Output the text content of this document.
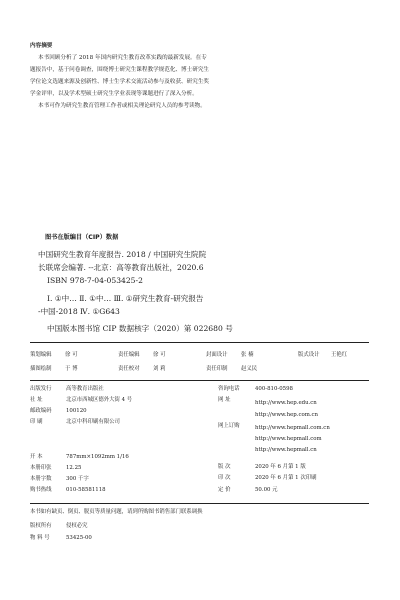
内容摘要
本书回顾分析了 2018 年国内研究生教育改革实践的最新发展。在专
题报告中，基于问卷调查，围绕博士研究生课程教学规范化、博士研究生
学位论文选题来源及创新性、博士生学术交流活动参与及收获、研究生奖
学金评审，以及学术型硕士研究生学业表现等课题进行了深入分析。
本书可作为研究生教育管理工作者或相关理论研究人员的参考读物。
图书在版编目（CIP）数据
中国研究生教育年度报告. 2018 / 中国研究生院院
长联席会编著. --北京：高等教育出版社，2020.6
ISBN 978-7-04-053425-2
Ⅰ. ①中… Ⅱ. ①中… Ⅲ. ①研究生教育-研究报告
-中国-2018 Ⅳ. ①G643
中国版本图书馆 CIP 数据核字（2020）第 022680 号
策划编辑 徐 可	责任编辑 徐 可	封面设计 张 楠	版式设计 王艳红
插图绘制 于 博	责任校对 刘 莉	责任印制 赵义民
出版发行	高等教育出版社
社 址	北京市西城区德外大街 4 号
邮政编码	100120
印 刷	北京中科印刷有限公司
开 本	787mm×1092mm 1/16
本册印张	12.25
本册字数	300 千字
购书热线	010-58581118
咨询电话	400-810-0598
网 址	http://www.hep.edu.cn
http://www.hep.com.cn
网上订购	http://www.hepmall.com.cn
http://www.hepmall.com
http://www.hepmall.cn
版 次	2020 年 6 月第 1 版
印 次	2020 年 6 月第 1 次印刷
定 价	50.00 元
本书如有缺页、倒页、脱页等质量问题，请到所购图书销售部门联系调换
版权所有	侵权必究
物 料 号	53425-00
